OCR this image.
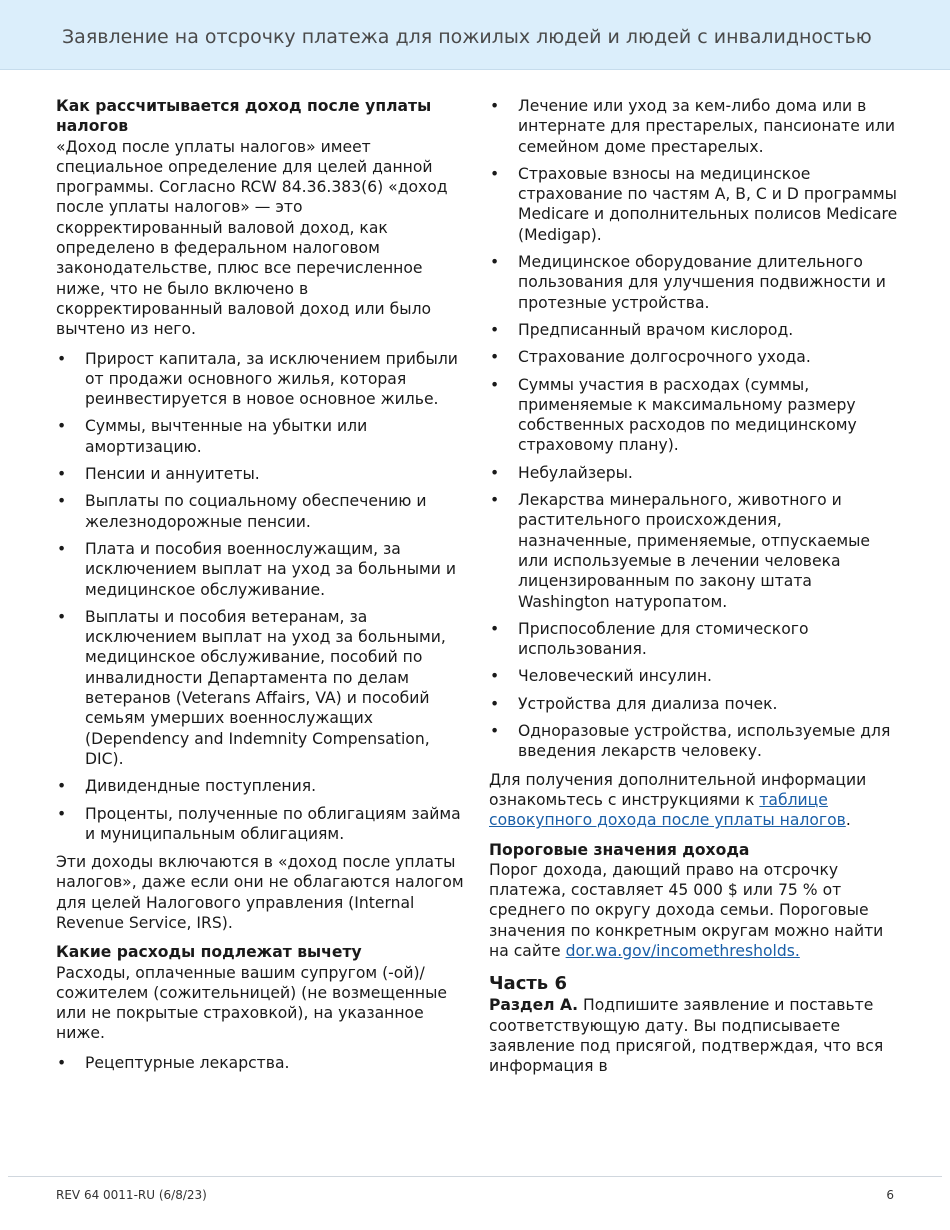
Заявление на отсрочку платежа для пожилых людей и людей с инвалидностью

Как рассчитывается доход после уплаты налогов
«Доход после уплаты налогов» имеет специальное определение для целей данной программы. Согласно RCW 84.36.383(6) «доход после уплаты налогов» — это скорректированный валовой доход, как определено в федеральном налоговом законодательстве, плюс все перечисленное ниже, что не было включено в скорректированный валовой доход или было вычтено из него.

• Прирост капитала, за исключением прибыли от продажи основного жилья, которая реинвестируется в новое основное жилье.
• Суммы, вычтенные на убытки или амортизацию.
• Пенсии и аннуитеты.
• Выплаты по социальному обеспечению и железнодорожные пенсии.
• Плата и пособия военнослужащим, за исключением выплат на уход за больными и медицинское обслуживание.
• Выплаты и пособия ветеранам, за исключением выплат на уход за больными, медицинское обслуживание, пособий по инвалидности Департамента по делам ветеранов (Veterans Affairs, VA) и пособий семьям умерших военнослужащих (Dependency and Indemnity Compensation, DIC).
• Дивидендные поступления.
• Проценты, полученные по облигациям займа и муниципальным облигациям.

Эти доходы включаются в «доход после уплаты налогов», даже если они не облагаются налогом для целей Налогового управления (Internal Revenue Service, IRS).

Какие расходы подлежат вычету
Расходы, оплаченные вашим супругом (-ой)/сожителем (сожительницей) (не возмещенные или не покрытые страховкой), на указанное ниже.

• Рецептурные лекарства.
• Лечение или уход за кем-либо дома или в интернате для престарелых, пансионате или семейном доме престарелых.
• Страховые взносы на медицинское страхование по частям A, B, C и D программы Medicare и дополнительных полисов Medicare (Medigap).
• Медицинское оборудование длительного пользования для улучшения подвижности и протезные устройства.
• Предписанный врачом кислород.
• Страхование долгосрочного ухода.
• Суммы участия в расходах (суммы, применяемые к максимальному размеру собственных расходов по медицинскому страховому плану).
• Небулайзеры.
• Лекарства минерального, животного и растительного происхождения, назначенные, применяемые, отпускаемые или используемые в лечении человека лицензированным по закону штата Washington натуропатом.
• Приспособление для стомического использования.
• Человеческий инсулин.
• Устройства для диализа почек.
• Одноразовые устройства, используемые для введения лекарств человеку.

Для получения дополнительной информации ознакомьтесь с инструкциями к таблице совокупного дохода после уплаты налогов.

Пороговые значения дохода
Порог дохода, дающий право на отсрочку платежа, составляет 45 000 $ или 75 % от среднего по округу дохода семьи. Пороговые значения по конкретным округам можно найти на сайте dor.wa.gov/incomethresholds.

Часть 6

Раздел А. Подпишите заявление и поставьте соответствующую дату. Вы подписываете заявление под присягой, подтверждая, что вся информация в

REV 64 0011-RU (6/8/23)	6
